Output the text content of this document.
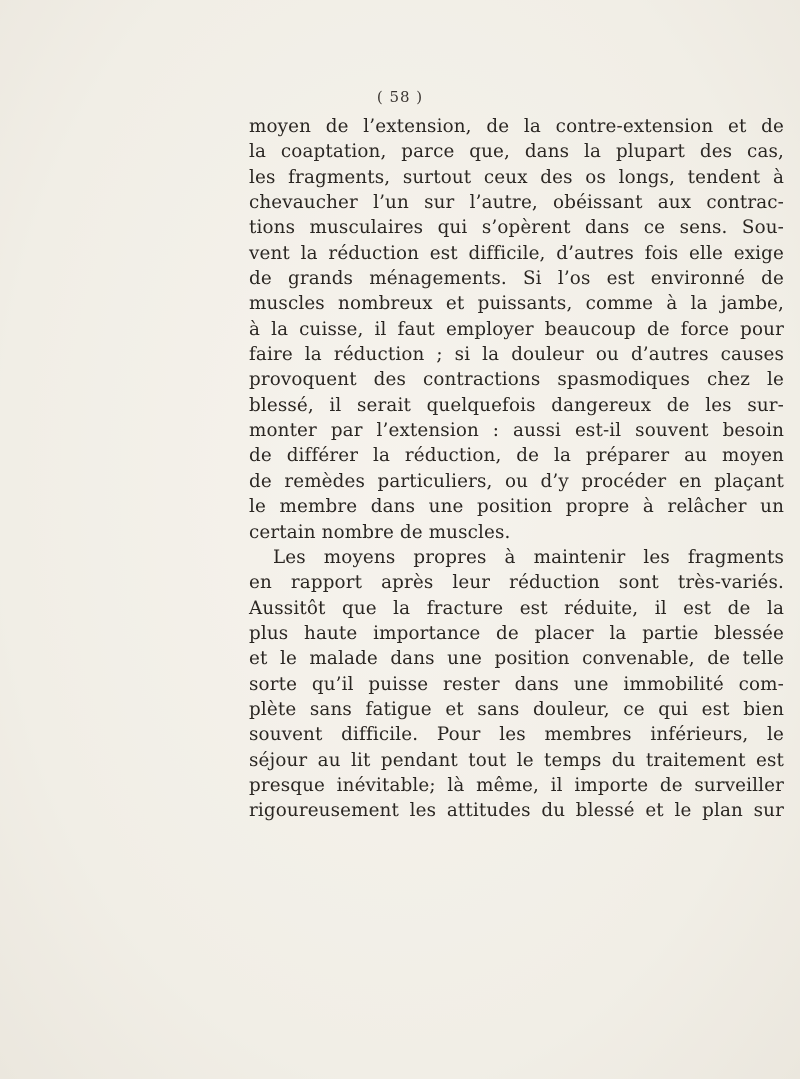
( 58 )
moyen de l’extension, de la contre-extension et de
la coaptation, parce que, dans la plupart des cas,
les fragments, surtout ceux des os longs, tendent à
chevaucher l’un sur l’autre, obéissant aux contrac-
tions musculaires qui s’opèrent dans ce sens. Sou-
vent la réduction est difficile, d’autres fois elle exige
de grands ménagements. Si l’os est environné de
muscles nombreux et puissants, comme à la jambe,
à la cuisse, il faut employer beaucoup de force pour
faire la réduction ; si la douleur ou d’autres causes
provoquent des contractions spasmodiques chez le
blessé, il serait quelquefois dangereux de les sur-
monter par l’extension : aussi est-il souvent besoin
de différer la réduction, de la préparer au moyen
de remèdes particuliers, ou d’y procéder en plaçant
le membre dans une position propre à relâcher un
certain nombre de muscles.
Les moyens propres à maintenir les fragments
en rapport après leur réduction sont très-variés.
Aussitôt que la fracture est réduite, il est de la
plus haute importance de placer la partie blessée
et le malade dans une position convenable, de telle
sorte qu’il puisse rester dans une immobilité com-
plète sans fatigue et sans douleur, ce qui est bien
souvent difficile. Pour les membres inférieurs, le
séjour au lit pendant tout le temps du traitement est
presque inévitable; là même, il importe de surveiller
rigoureusement les attitudes du blessé et le plan sur
